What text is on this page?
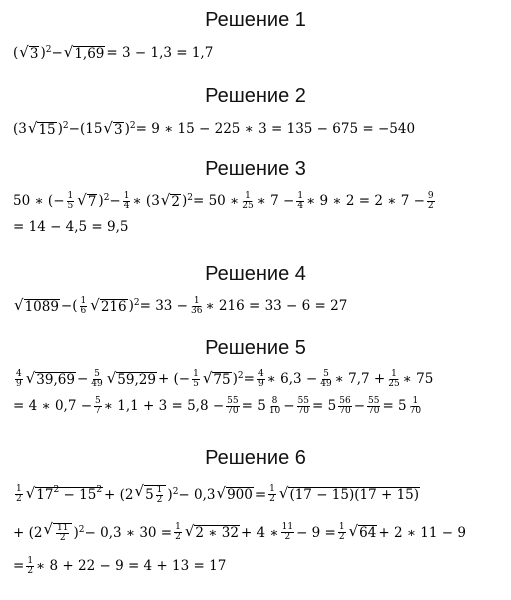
Решение 1
( √ 3 )$^2$ − √ 1,69 = 3 − 1,3 = 1,7
Решение 2
( 3 √ 15 )$^2$ − ( 15 √ 3 )$^2$ = 9 ∗ 15 − 225 ∗ 3 = 135 − 675 = −540
Решение 3
50 ∗ (− $\frac{1}{5}$ √ 7 )$^2 - \frac{1}{4}$ ∗ (3 √ 2 )$^2$ = 50 ∗ 1
25 ∗ $7 - \frac{1}{4}$ ∗ 9 ∗ 2 = 2 ∗ $7 - \frac{9}{2}$
= 14 − 4,5 = 9,5
Решение 4
√ 1089 − ( 1
6 √ 216 )$^2 = 33 - \frac{1}{36}$ ∗ 216 = 33 − 6 = 27
Решение 5
4
9 √ $39,69 - \frac{5}{49}$ √ 59,29 + (− $\frac{1}{5}$ √ 75 )$^2 = \frac{4}{9}$ ∗ $6,3 - \frac{5}{49}$ ∗ $7,7 + \frac{1}{25}$ ∗ 75
= 4 ∗ $0,7 - \frac{5}{7}$ ∗ $1,1 + 3 = 5,8 - \frac{55}{70} = 5$ 8
$10 - \frac{55}{70} = 5$ 56
$70 - \frac{55}{70} = 5$ 1
70
Решение 6
1
2 √ $17^2 - 15^2 + (2$ √ $5 \frac{1}{2} )^2 - 0,3$ √ $900 = \frac{1}{2}$ √ (17 − 15)(17 + 15)
+ (2 √ $\frac{11}{2} )^2 - 0,3$ ∗ $30 = \frac{1}{2}$ √ 2 ∗ 32 + 4 ∗ 11
$2 - 9 = \frac{1}{2}$ √ 64 + 2 ∗ 11 − 9
= $\frac{1}{2}$ ∗ 8 + 22 − 9 = 4 + 13 = 17
